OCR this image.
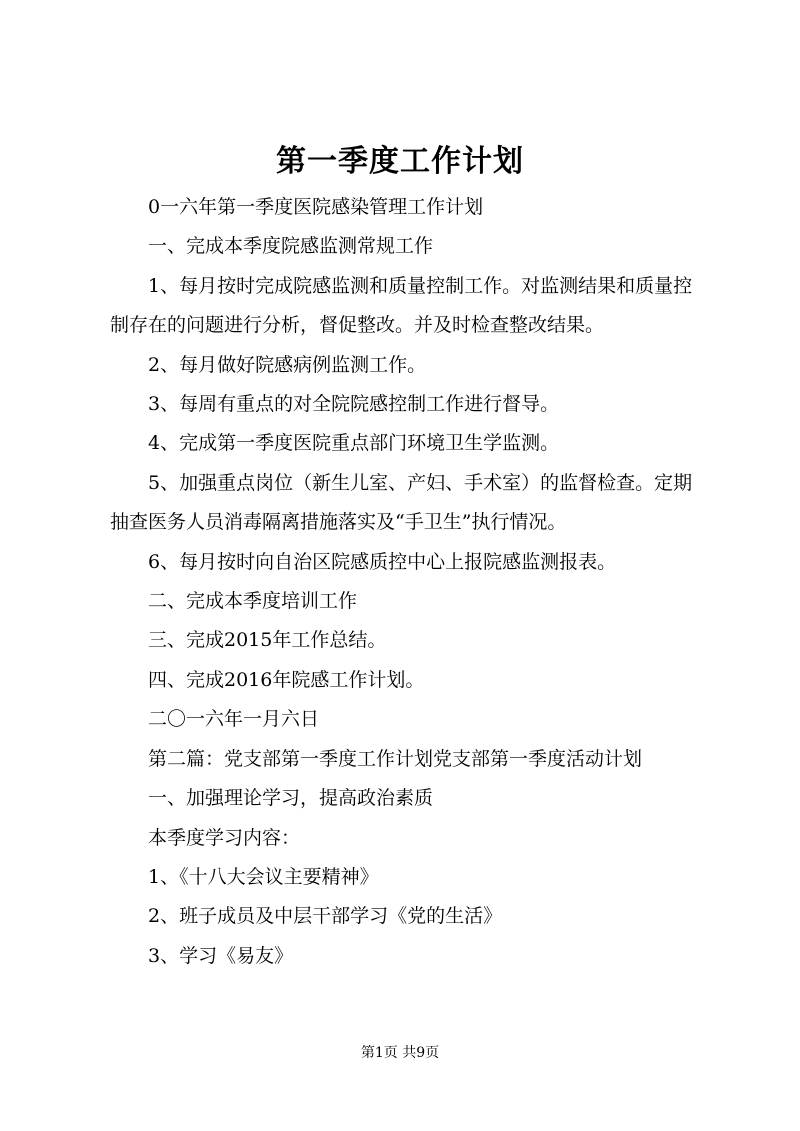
第一季度工作计划

0一六年第一季度医院感染管理工作计划

一、完成本季度院感监测常规工作

1、每月按时完成院感监测和质量控制工作。对监测结果和质量控制存在的问题进行分析，督促整改。并及时检查整改结果。

2、每月做好院感病例监测工作。

3、每周有重点的对全院院感控制工作进行督导。

4、完成第一季度医院重点部门环境卫生学监测。

5、加强重点岗位（新生儿室、产妇、手术室）的监督检查。定期抽查医务人员消毒隔离措施落实及“手卫生”执行情况。

6、每月按时向自治区院感质控中心上报院感监测报表。

二、完成本季度培训工作

三、完成2015年工作总结。

四、完成2016年院感工作计划。

二〇一六年一月六日

第二篇：党支部第一季度工作计划党支部第一季度活动计划

一、加强理论学习，提高政治素质

本季度学习内容：

1、《十八大会议主要精神》

2、班子成员及中层干部学习《党的生活》

3、学习《易友》

第1页 共9页
